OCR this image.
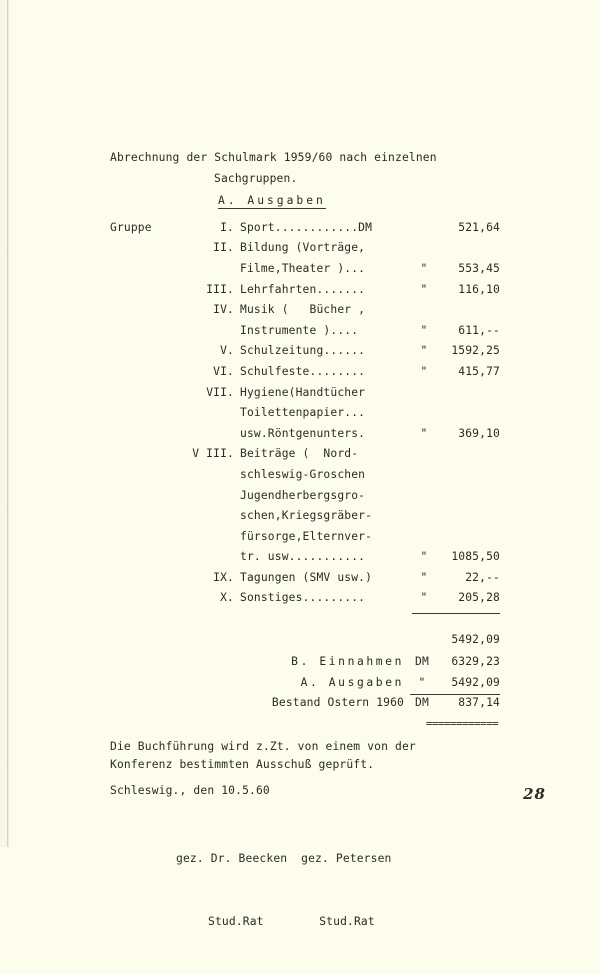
Abrechnung der Schulmark 1959/60 nach einzelnen
Sachgruppen.
A. Ausgaben
Gruppe	I. Sport............DM	521,64
II. Bildung (Vorträge,
Filme,Theater )...	"	553,45
III. Lehrfahrten.......	"	116,10
IV. Musik (   Bücher ,
Instrumente )....	"	611,--
V. Schulzeitung......	"	1592,25
VI. Schulfeste........	"	415,77
VII. Hygiene(Handtücher
Toilettenpapier...
usw.Röntgenunters.	"	369,10
V III. Beiträge (  Nord-
schleswig-Groschen
Jugendherbergsgro-
schen,Kriegsgräber-
fürsorge,Elternver-
tr. usw...........	"	1085,50
IX. Tagungen (SMV usw.)	"	22,--
X. Sonstiges.........	"	205,28
5492,09
B. Einnahmen DM	6329,23
A. Ausgaben	"	5492,09
Bestand Ostern 1960 DM	837,14
============
Die Buchführung wird z.Zt. von einem von der
Konferenz bestimmten Ausschuß geprüft.
Schleswig., den 10.5.60

gez. Dr. Beecken  gez. Petersen

Stud.Rat        Stud.Rat

28
